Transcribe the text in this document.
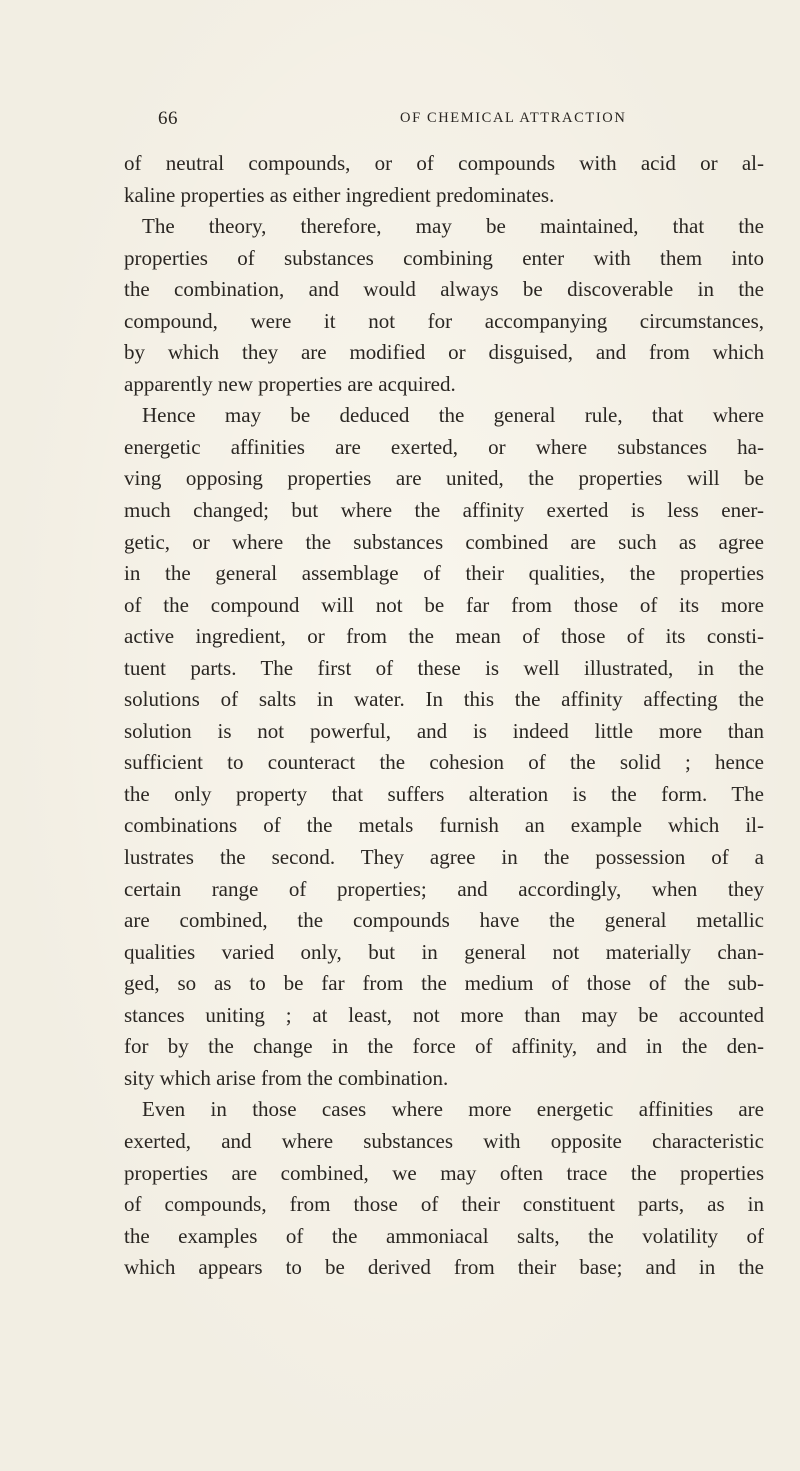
66	OF CHEMICAL ATTRACTION
of neutral compounds, or of compounds with acid or al-
kaline properties as either ingredient predominates.
The theory, therefore, may be maintained, that the
properties of substances combining enter with them into
the combination, and would always be discoverable in the
compound, were it not for accompanying circumstances,
by which they are modified or disguised, and from which
apparently new properties are acquired.
Hence may be deduced the general rule, that where
energetic affinities are exerted, or where substances ha-
ving opposing properties are united, the properties will be
much changed; but where the affinity exerted is less ener-
getic, or where the substances combined are such as agree
in the general assemblage of their qualities, the properties
of the compound will not be far from those of its more
active ingredient, or from the mean of those of its consti-
tuent parts. The first of these is well illustrated, in the
solutions of salts in water. In this the affinity affecting the
solution is not powerful, and is indeed little more than
sufficient to counteract the cohesion of the solid ; hence
the only property that suffers alteration is the form. The
combinations of the metals furnish an example which il-
lustrates the second. They agree in the possession of a
certain range of properties; and accordingly, when they
are combined, the compounds have the general metallic
qualities varied only, but in general not materially chan-
ged, so as to be far from the medium of those of the sub-
stances uniting ; at least, not more than may be accounted
for by the change in the force of affinity, and in the den-
sity which arise from the combination.
Even in those cases where more energetic affinities are
exerted, and where substances with opposite characteristic
properties are combined, we may often trace the properties
of compounds, from those of their constituent parts, as in
the examples of the ammoniacal salts, the volatility of
which appears to be derived from their base; and in the
